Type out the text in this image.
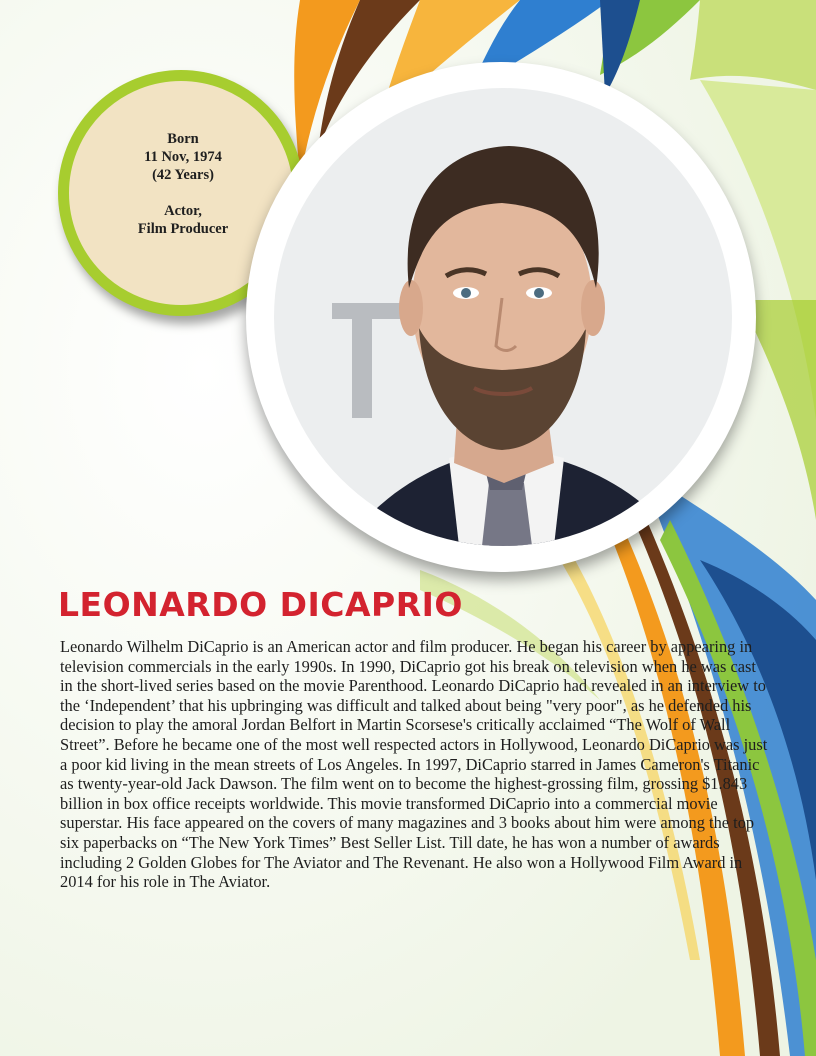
Born
11 Nov, 1974
(42 Years)
Actor,
Film Producer
LEONARDO DICAPRIO

Leonardo Wilhelm DiCaprio is an American actor and film producer. He began his career by appearing in television commercials in the early 1990s. In 1990, DiCaprio got his break on television when he was cast in the short-lived series based on the movie Parenthood. Leonardo DiCaprio had revealed in an interview to the ‘Independent’ that his upbringing was difficult and talked about being "very poor", as he defended his decision to play the amoral Jordan Belfort in Martin Scorsese's critically acclaimed “The Wolf of Wall Street”. Before he became one of the most well respected actors in Hollywood, Leonardo DiCaprio was just a poor kid living in the mean streets of Los Angeles. In 1997, DiCaprio starred in James Cameron's Titanic as twenty-year-old Jack Dawson. The film went on to become the highest-grossing film, grossing $1.843 billion in box office receipts worldwide. This movie transformed DiCaprio into a commercial movie superstar. His face appeared on the covers of many magazines and 3 books about him were among the top six paperbacks on “The New York Times” Best Seller List. Till date, he has won a number of awards including 2 Golden Globes for The Aviator and The Revenant. He also won a Hollywood Film Award in 2014 for his role in The Aviator.
